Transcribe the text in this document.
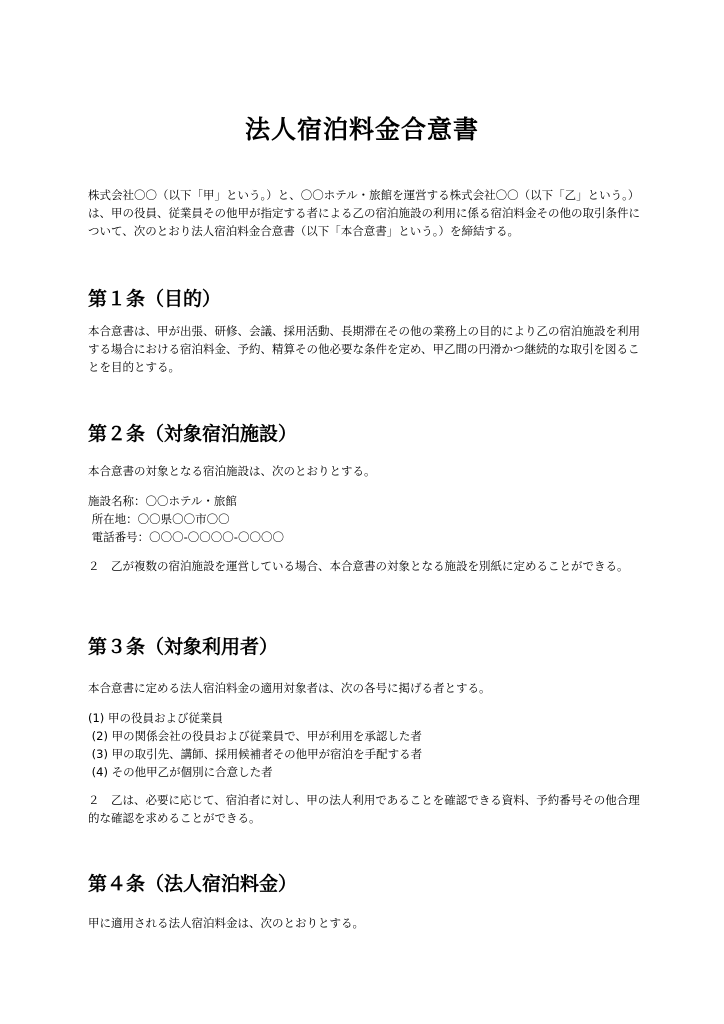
法人宿泊料金合意書

株式会社〇〇（以下「甲」という。）と、〇〇ホテル・旅館を運営する株式会社〇〇（以下「乙」という。）は、甲の役員、従業員その他甲が指定する者による乙の宿泊施設の利用に係る宿泊料金その他の取引条件について、次のとおり法人宿泊料金合意書（以下「本合意書」という。）を締結する。

第１条（目的）

本合意書は、甲が出張、研修、会議、採用活動、長期滞在その他の業務上の目的により乙の宿泊施設を利用する場合における宿泊料金、予約、精算その他必要な条件を定め、甲乙間の円滑かつ継続的な取引を図ることを目的とする。

第２条（対象宿泊施設）

本合意書の対象となる宿泊施設は、次のとおりとする。

施設名称：〇〇ホテル・旅館

所在地：〇〇県〇〇市〇〇

電話番号：〇〇〇-〇〇〇〇-〇〇〇〇

２　乙が複数の宿泊施設を運営している場合、本合意書の対象となる施設を別紙に定めることができる。

第３条（対象利用者）

本合意書に定める法人宿泊料金の適用対象者は、次の各号に掲げる者とする。

(1) 甲の役員および従業員

(2) 甲の関係会社の役員および従業員で、甲が利用を承認した者

(3) 甲の取引先、講師、採用候補者その他甲が宿泊を手配する者

(4) その他甲乙が個別に合意した者

２　乙は、必要に応じて、宿泊者に対し、甲の法人利用であることを確認できる資料、予約番号その他合理的な確認を求めることができる。

第４条（法人宿泊料金）

甲に適用される法人宿泊料金は、次のとおりとする。
